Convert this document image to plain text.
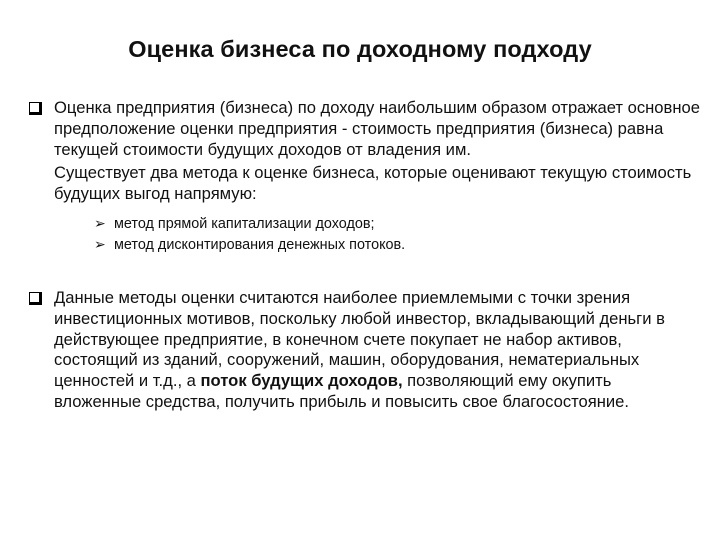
Оценка бизнеса по доходному подходу

Оценка предприятия (бизнеса) по доходу наибольшим образом отражает основное предположение оценки предприятия - стоимость предприятия (бизнеса) равна текущей стоимости будущих доходов от владения им.

Существует два метода к оценке бизнеса, которые оценивают текущую стоимость будущих выгод напрямую:

➢ метод прямой капитализации доходов;
➢ метод дисконтирования денежных потоков.

Данные методы оценки считаются наиболее приемлемыми с точки зрения инвестиционных мотивов, поскольку любой инвестор, вкладывающий деньги в действующее предприятие, в конечном счете покупает не набор активов, состоящий из зданий, сооружений, машин, оборудования, нематериальных ценностей и т.д., а поток будущих доходов, позволяющий ему окупить вложенные средства, получить прибыль и повысить свое благосостояние.
